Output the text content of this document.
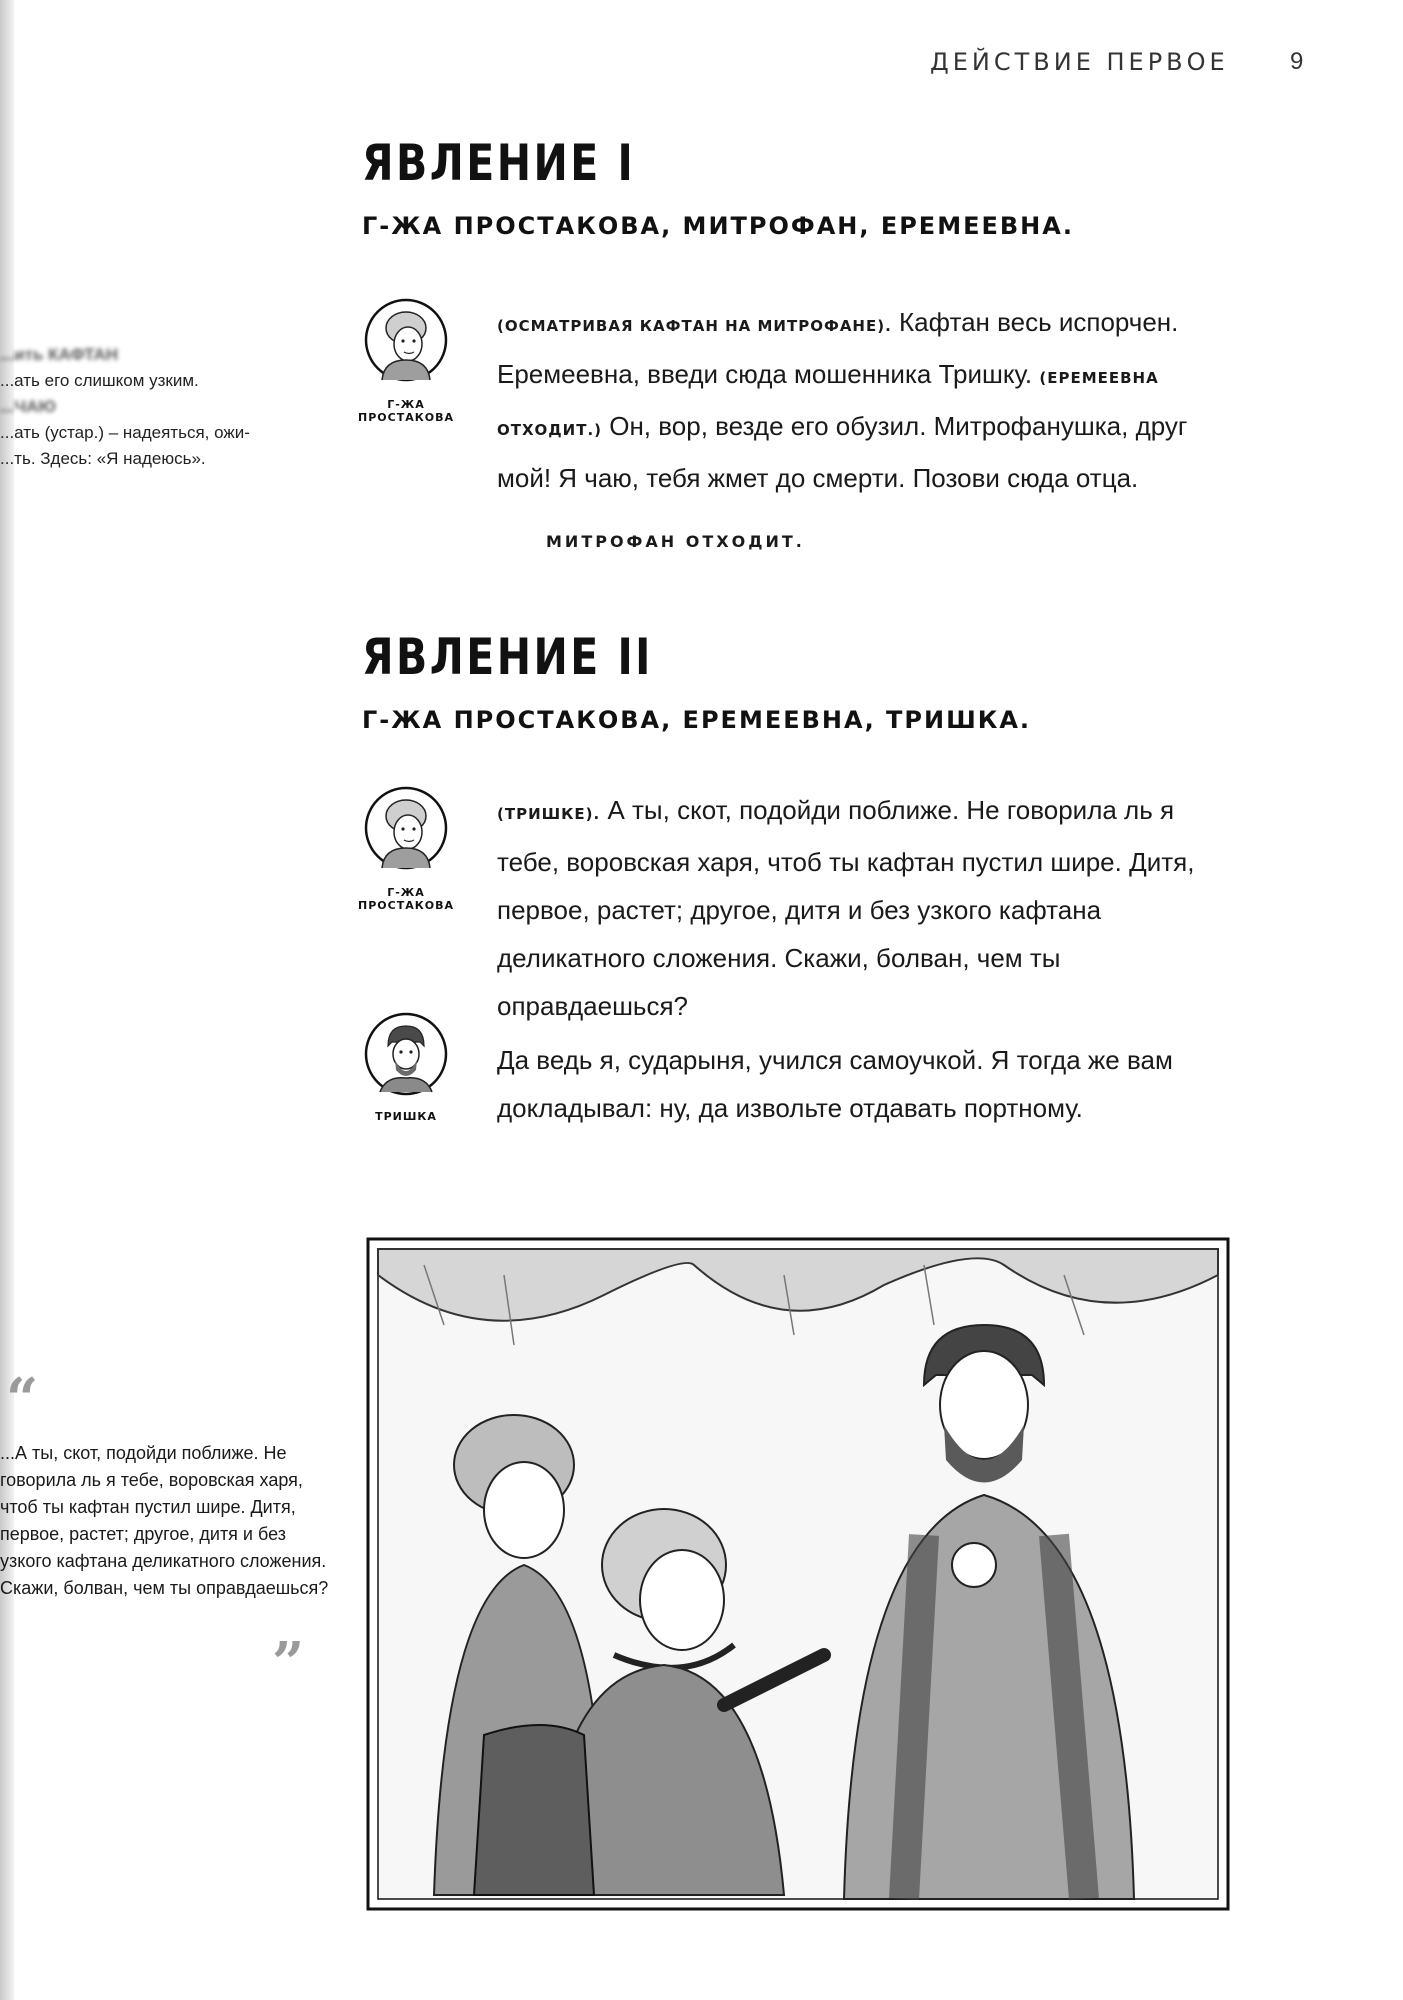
ДЕЙСТВИЕ ПЕРВОЕ	9
...ить КАФТАН
...ать его слишком узким.
...ЧАЮ
...ать (устар.) – надеяться, ожи-
...ть. Здесь: «Я надеюсь».
ЯВЛЕНИЕ I
Г-ЖА ПРОСТАКОВА, МИТРОФАН, ЕРЕМЕЕВНА.
Г-ЖА ПРОСТАКОВА
(ОСМАТРИВАЯ КАФТАН НА МИТРОФАНЕ). Кафтан весь испорчен. Еремеевна, введи сюда мошенника Тришку. (ЕРЕМЕЕВНА ОТХОДИТ.) Он, вор, везде его обузил. Митрофанушка, друг мой! Я чаю, тебя жмет до смерти. Позови сюда отца.
МИТРОФАН ОТХОДИТ.
ЯВЛЕНИЕ II
Г-ЖА ПРОСТАКОВА, ЕРЕМЕЕВНА, ТРИШКА.
Г-ЖА ПРОСТАКОВА
(ТРИШКЕ). А ты, скот, подойди поближе. Не говорила ль я тебе, воровская харя, чтоб ты кафтан пустил шире. Дитя, первое, растет; другое, дитя и без узкого кафтана деликатного сложения. Скажи, болван, чем ты оправдаешься?
ТРИШКА
Да ведь я, сударыня, учился самоучкой. Я тогда же вам докладывал: ну, да извольте отдавать портному.
“
...А ты, скот, подойди поближе. Не говорила ль я тебе, воровская харя, чтоб ты кафтан пустил шире. Дитя, первое, растет; другое, дитя и без узкого кафтана деликатного сложения. Скажи, болван, чем ты оправдаешься?
”
